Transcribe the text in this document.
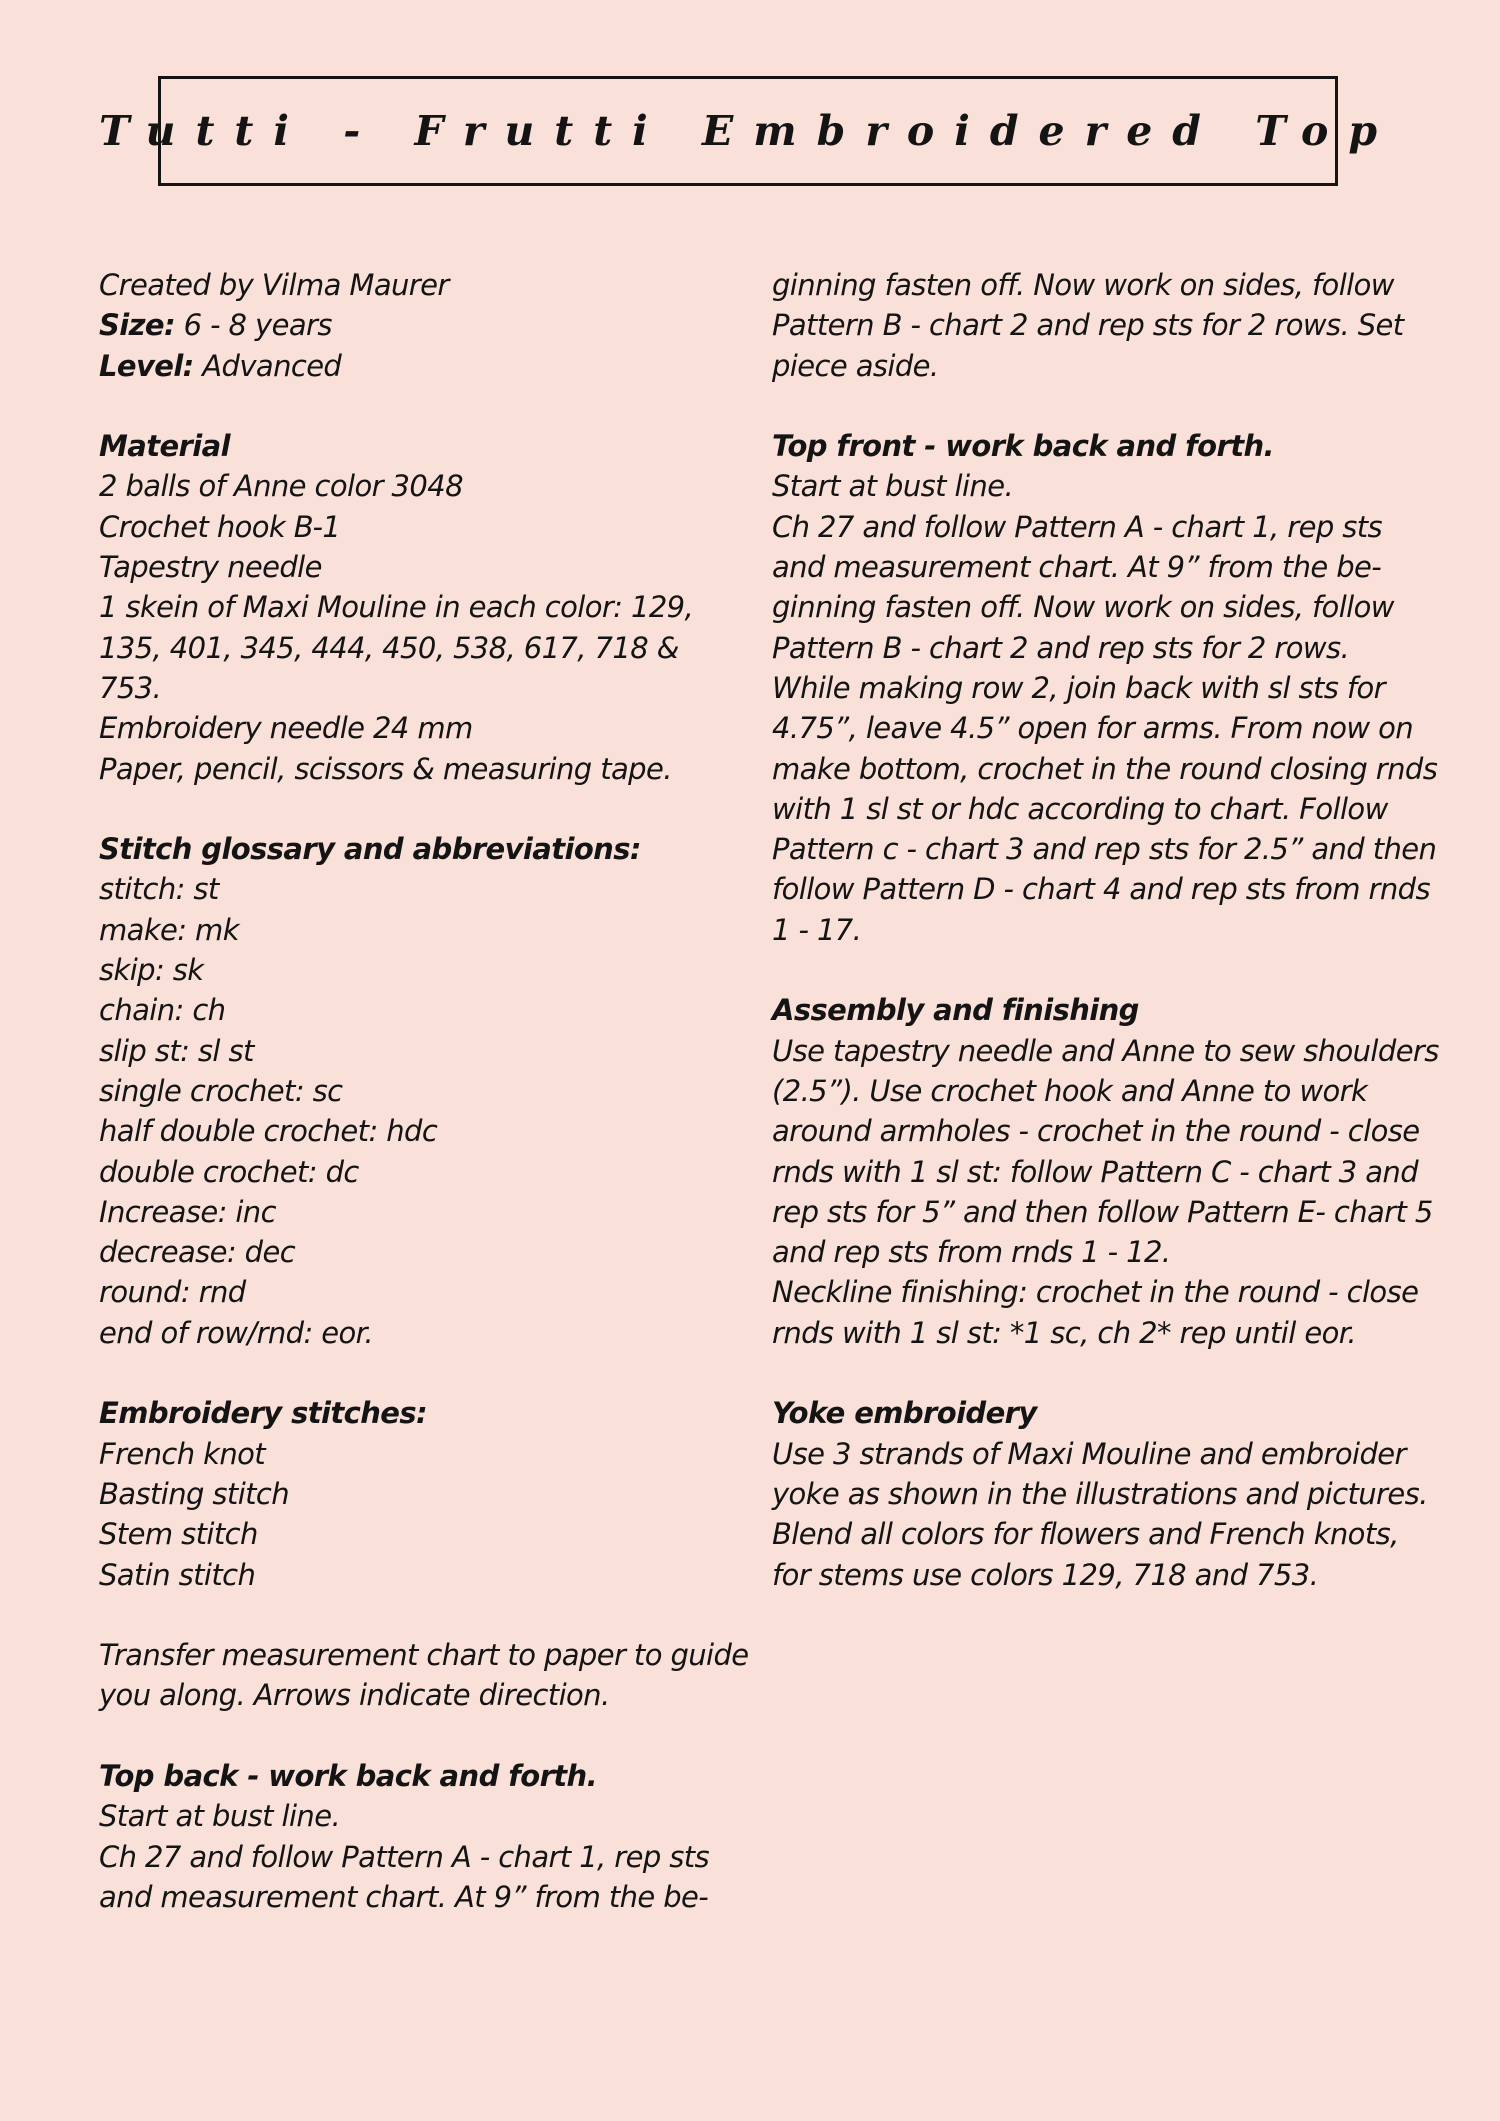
Tutti - Frutti Embroidered Top
Created by Vilma Maurer
Size: 6 - 8 years
Level: Advanced
Material
2 balls of Anne color 3048
Crochet hook B-1
Tapestry needle
1 skein of Maxi Mouline in each color: 129,
135, 401, 345, 444, 450, 538, 617, 718 &
753.
Embroidery needle 24 mm
Paper, pencil, scissors & measuring tape.
Stitch glossary and abbreviations:
stitch: st
make: mk
skip: sk
chain: ch
slip st: sl st
single crochet: sc
half double crochet: hdc
double crochet: dc
Increase: inc
decrease: dec
round: rnd
end of row/rnd: eor.
Embroidery stitches:
French knot
Basting stitch
Stem stitch
Satin stitch
Transfer measurement chart to paper to guide
you along. Arrows indicate direction.
Top back - work back and forth.
Start at bust line.
Ch 27 and follow Pattern A - chart 1, rep sts
and measurement chart. At 9” from the be-
ginning fasten off. Now work on sides, follow
Pattern B - chart 2 and rep sts for 2 rows. Set
piece aside.
Top front - work back and forth.
Start at bust line.
Ch 27 and follow Pattern A - chart 1, rep sts
and measurement chart. At 9” from the be-
ginning fasten off. Now work on sides, follow
Pattern B - chart 2 and rep sts for 2 rows.
While making row 2, join back with sl sts for
4.75”, leave 4.5” open for arms. From now on
make bottom, crochet in the round closing rnds
with 1 sl st or hdc according to chart. Follow
Pattern c - chart 3 and rep sts for 2.5” and then
follow Pattern D - chart 4 and rep sts from rnds
1 - 17.
Assembly and finishing
Use tapestry needle and Anne to sew shoulders
(2.5”). Use crochet hook and Anne to work
around armholes - crochet in the round - close
rnds with 1 sl st: follow Pattern C - chart 3 and
rep sts for 5” and then follow Pattern E- chart 5
and rep sts from rnds 1 - 12.
Neckline finishing: crochet in the round - close
rnds with 1 sl st: *1 sc, ch 2* rep until eor.
Yoke embroidery
Use 3 strands of Maxi Mouline and embroider
yoke as shown in the illustrations and pictures.
Blend all colors for flowers and French knots,
for stems use colors 129, 718 and 753.
